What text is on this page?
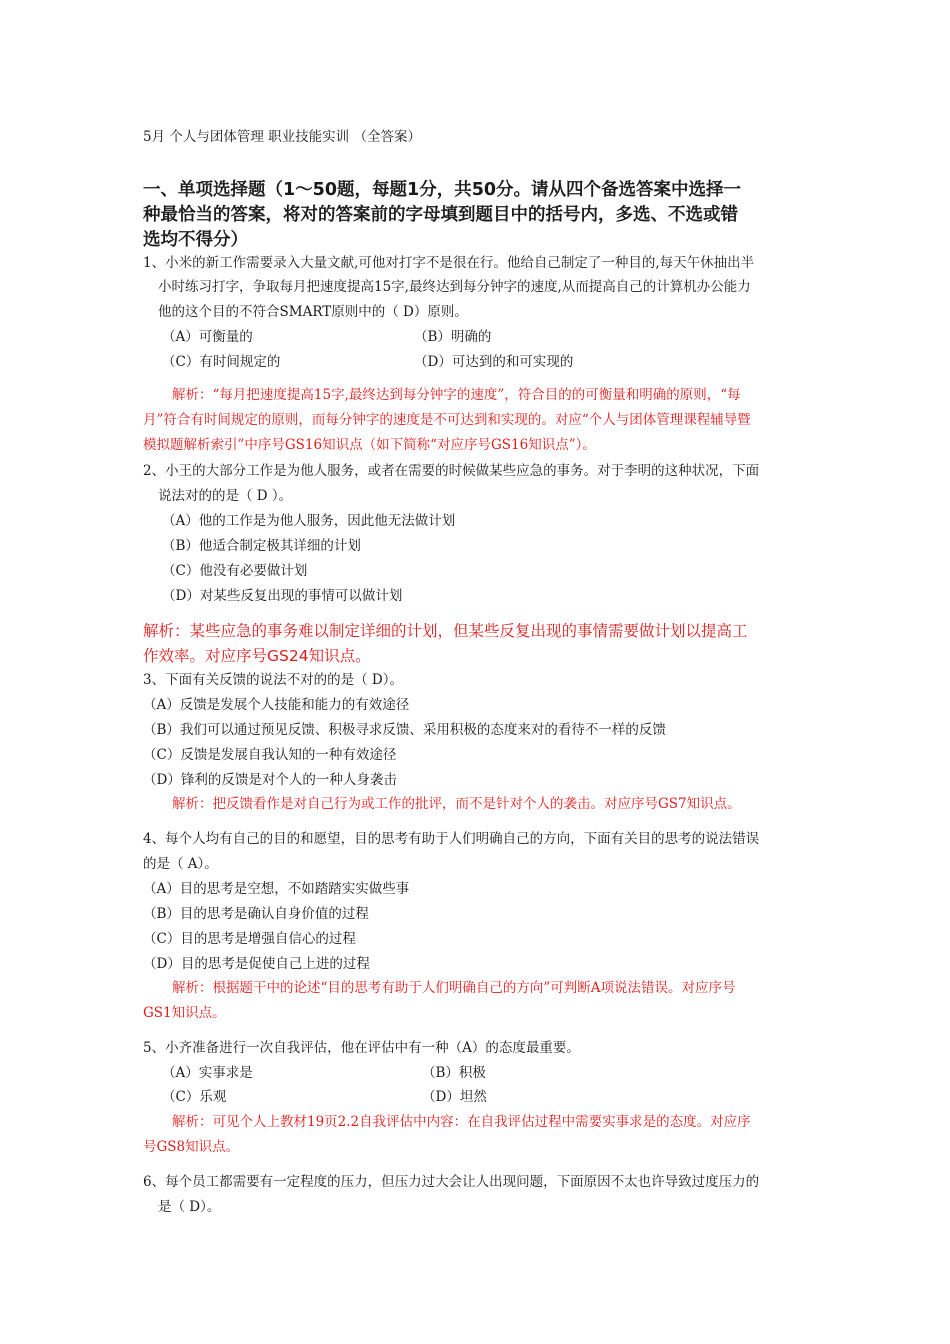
5月 个人与团体管理 职业技能实训 （全答案）
一、单项选择题（1～50题，每题1分，共50分。请从四个备选答案中选择一
种最恰当的答案，将对的答案前的字母填到题目中的括号内，多选、不选或错
选均不得分）
1、小米的新工作需要录入大量文献,可他对打字不是很在行。他给自己制定了一种目的,每天午休抽出半
小时练习打字，争取每月把速度提高15字,最终达到每分钟字的速度,从而提高自己的计算机办公能力
他的这个目的不符合SMART原则中的（ D）原则。
（A）可衡量的	（B）明确的
（C）有时间规定的	（D）可达到的和可实现的
解析：“每月把速度提高15字,最终达到每分钟字的速度”，符合目的的可衡量和明确的原则，“每
月”符合有时间规定的原则，而每分钟字的速度是不可达到和实现的。对应“个人与团体管理课程辅导暨
模拟题解析索引”中序号GS16知识点（如下简称“对应序号GS16知识点”）。
2、小王的大部分工作是为他人服务，或者在需要的时候做某些应急的事务。对于李明的这种状况，下面
说法对的的是（ D ）。
（A）他的工作是为他人服务，因此他无法做计划
（B）他适合制定极其详细的计划
（C）他没有必要做计划
（D）对某些反复出现的事情可以做计划
解析：某些应急的事务难以制定详细的计划，但某些反复出现的事情需要做计划以提高工
作效率。对应序号GS24知识点。
3、下面有关反馈的说法不对的的是（ D）。
（A）反馈是发展个人技能和能力的有效途径
（B）我们可以通过预见反馈、积极寻求反馈、采用积极的态度来对的看待不一样的反馈
（C）反馈是发展自我认知的一种有效途径
（D）锋利的反馈是对个人的一种人身袭击
解析：把反馈看作是对自己行为或工作的批评，而不是针对个人的袭击。对应序号GS7知识点。
4、每个人均有自己的目的和愿望，目的思考有助于人们明确自己的方向，下面有关目的思考的说法错误
的是（ A）。
（A）目的思考是空想，不如踏踏实实做些事
（B）目的思考是确认自身价值的过程
（C）目的思考是增强自信心的过程
（D）目的思考是促使自己上进的过程
解析：根据题干中的论述“目的思考有助于人们明确自己的方向”可判断A项说法错误。对应序号
GS1知识点。
5、小齐准备进行一次自我评估，他在评估中有一种（A）的态度最重要。
（A）实事求是	（B）积极
（C）乐观	（D）坦然
解析：可见个人上教材19页2.2自我评估中内容：在自我评估过程中需要实事求是的态度。对应序
号GS8知识点。
6、每个员工都需要有一定程度的压力，但压力过大会让人出现问题，下面原因不太也许导致过度压力的
是（ D）。
